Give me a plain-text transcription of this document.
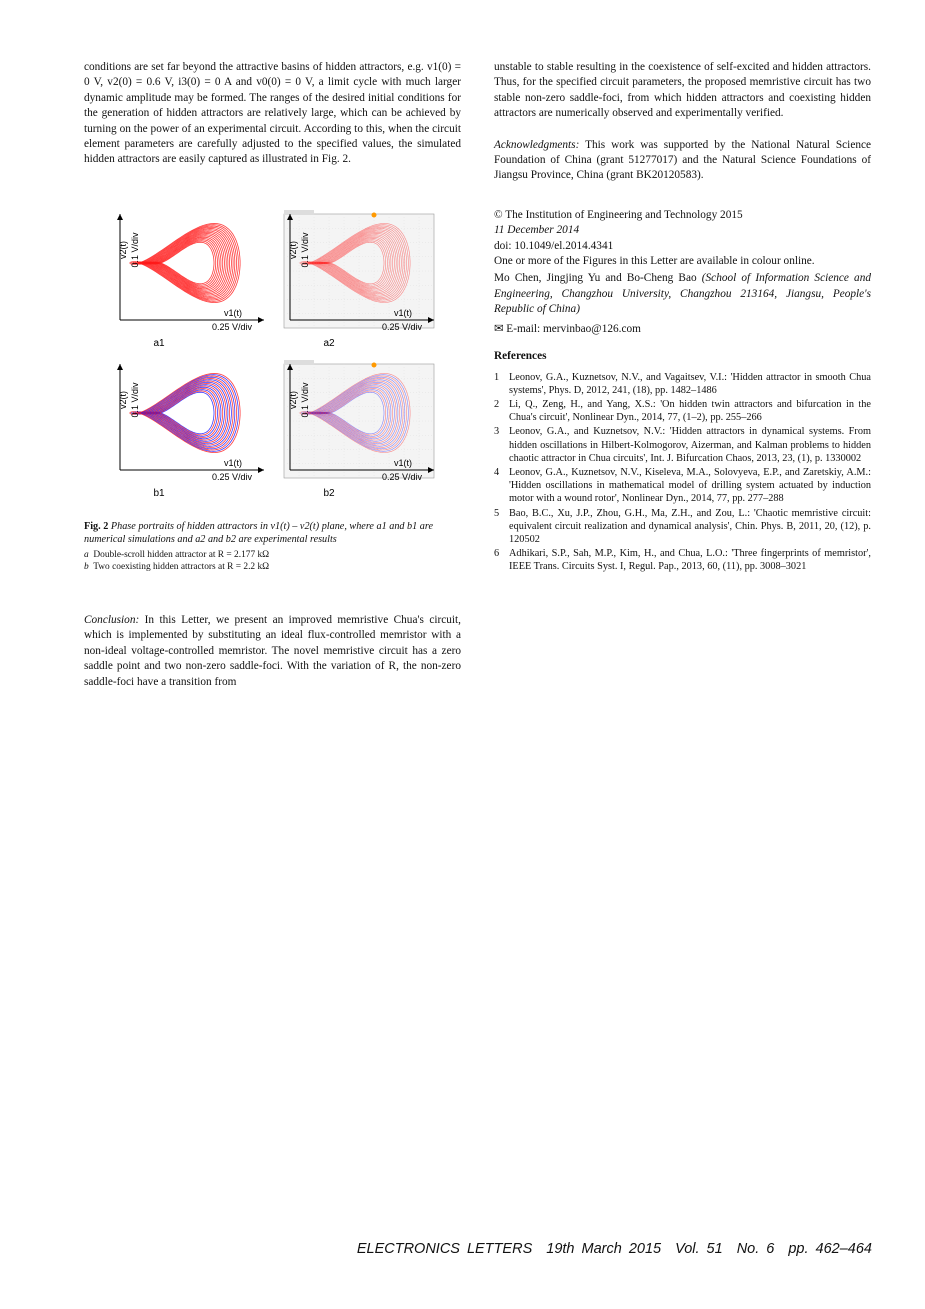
conditions are set far beyond the attractive basins of hidden attractors, e.g. v1(0) = 0 V, v2(0) = 0.6 V, i3(0) = 0 A and v0(0) = 0 V, a limit cycle with much larger dynamic amplitude may be formed. The ranges of the desired initial conditions for the generation of hidden attractors are relatively large, which can be achieved by turning on the power of an experimental circuit. According to this, when the circuit element parameters are carefully adjusted to the specified values, the simulated hidden attractors are easily captured as illustrated in Fig. 2.

v2(t) 0.1 V/div
v1(t)
0.25 V/div
a1
v2(t) 0.1 V/div
v1(t)
0.25 V/div
a2
v2(t) 0.1 V/div
v1(t)
0.25 V/div
b1
v2(t) 0.1 V/div
v1(t)
0.25 V/div
b2
Fig. 2 Phase portraits of hidden attractors in v1(t) – v2(t) plane, where a1 and b1 are numerical simulations and a2 and b2 are experimental results
a Double-scroll hidden attractor at R = 2.177 kΩ
b Two coexisting hidden attractors at R = 2.2 kΩ
Conclusion: In this Letter, we present an improved memristive Chua's circuit, which is implemented by substituting an ideal flux-controlled memristor with a non-ideal voltage-controlled memristor. The novel memristive circuit has a zero saddle point and two non-zero saddle-foci. With the variation of R, the non-zero saddle-foci have a transition from

unstable to stable resulting in the coexistence of self-excited and hidden attractors. Thus, for the specified circuit parameters, the proposed memristive circuit has two stable non-zero saddle-foci, from which hidden attractors and coexisting hidden attractors are numerically observed and experimentally verified.

Acknowledgments: This work was supported by the National Natural Science Foundation of China (grant 51277017) and the Natural Science Foundations of Jiangsu Province, China (grant BK20120583).

© The Institution of Engineering and Technology 2015

11 December 2014

doi: 10.1049/el.2014.4341

One or more of the Figures in this Letter are available in colour online.

Mo Chen, Jingjing Yu and Bo-Cheng Bao (School of Information Science and Engineering, Changzhou University, Changzhou 213164, Jiangsu, People's Republic of China)

✉ E-mail: mervinbao@126.com

References
1 Leonov, G.A., Kuznetsov, N.V., and Vagaitsev, V.I.: 'Hidden attractor in smooth Chua systems', Phys. D, 2012, 241, (18), pp. 1482–1486
2 Li, Q., Zeng, H., and Yang, X.S.: 'On hidden twin attractors and bifurcation in the Chua's circuit', Nonlinear Dyn., 2014, 77, (1–2), pp. 255–266
3 Leonov, G.A., and Kuznetsov, N.V.: 'Hidden attractors in dynamical systems. From hidden oscillations in Hilbert-Kolmogorov, Aizerman, and Kalman problems to hidden chaotic attractor in Chua circuits', Int. J. Bifurcation Chaos, 2013, 23, (1), p. 1330002
4 Leonov, G.A., Kuznetsov, N.V., Kiseleva, M.A., Solovyeva, E.P., and Zaretskiy, A.M.: 'Hidden oscillations in mathematical model of drilling system actuated by induction motor with a wound rotor', Nonlinear Dyn., 2014, 77, pp. 277–288
5 Bao, B.C., Xu, J.P., Zhou, G.H., Ma, Z.H., and Zou, L.: 'Chaotic memristive circuit: equivalent circuit realization and dynamical analysis', Chin. Phys. B, 2011, 20, (12), p. 120502
6 Adhikari, S.P., Sah, M.P., Kim, H., and Chua, L.O.: 'Three fingerprints of memristor', IEEE Trans. Circuits Syst. I, Regul. Pap., 2013, 60, (11), pp. 3008–3021
ELECTRONICS LETTERS 19th March 2015 Vol. 51 No. 6 pp. 462–464
